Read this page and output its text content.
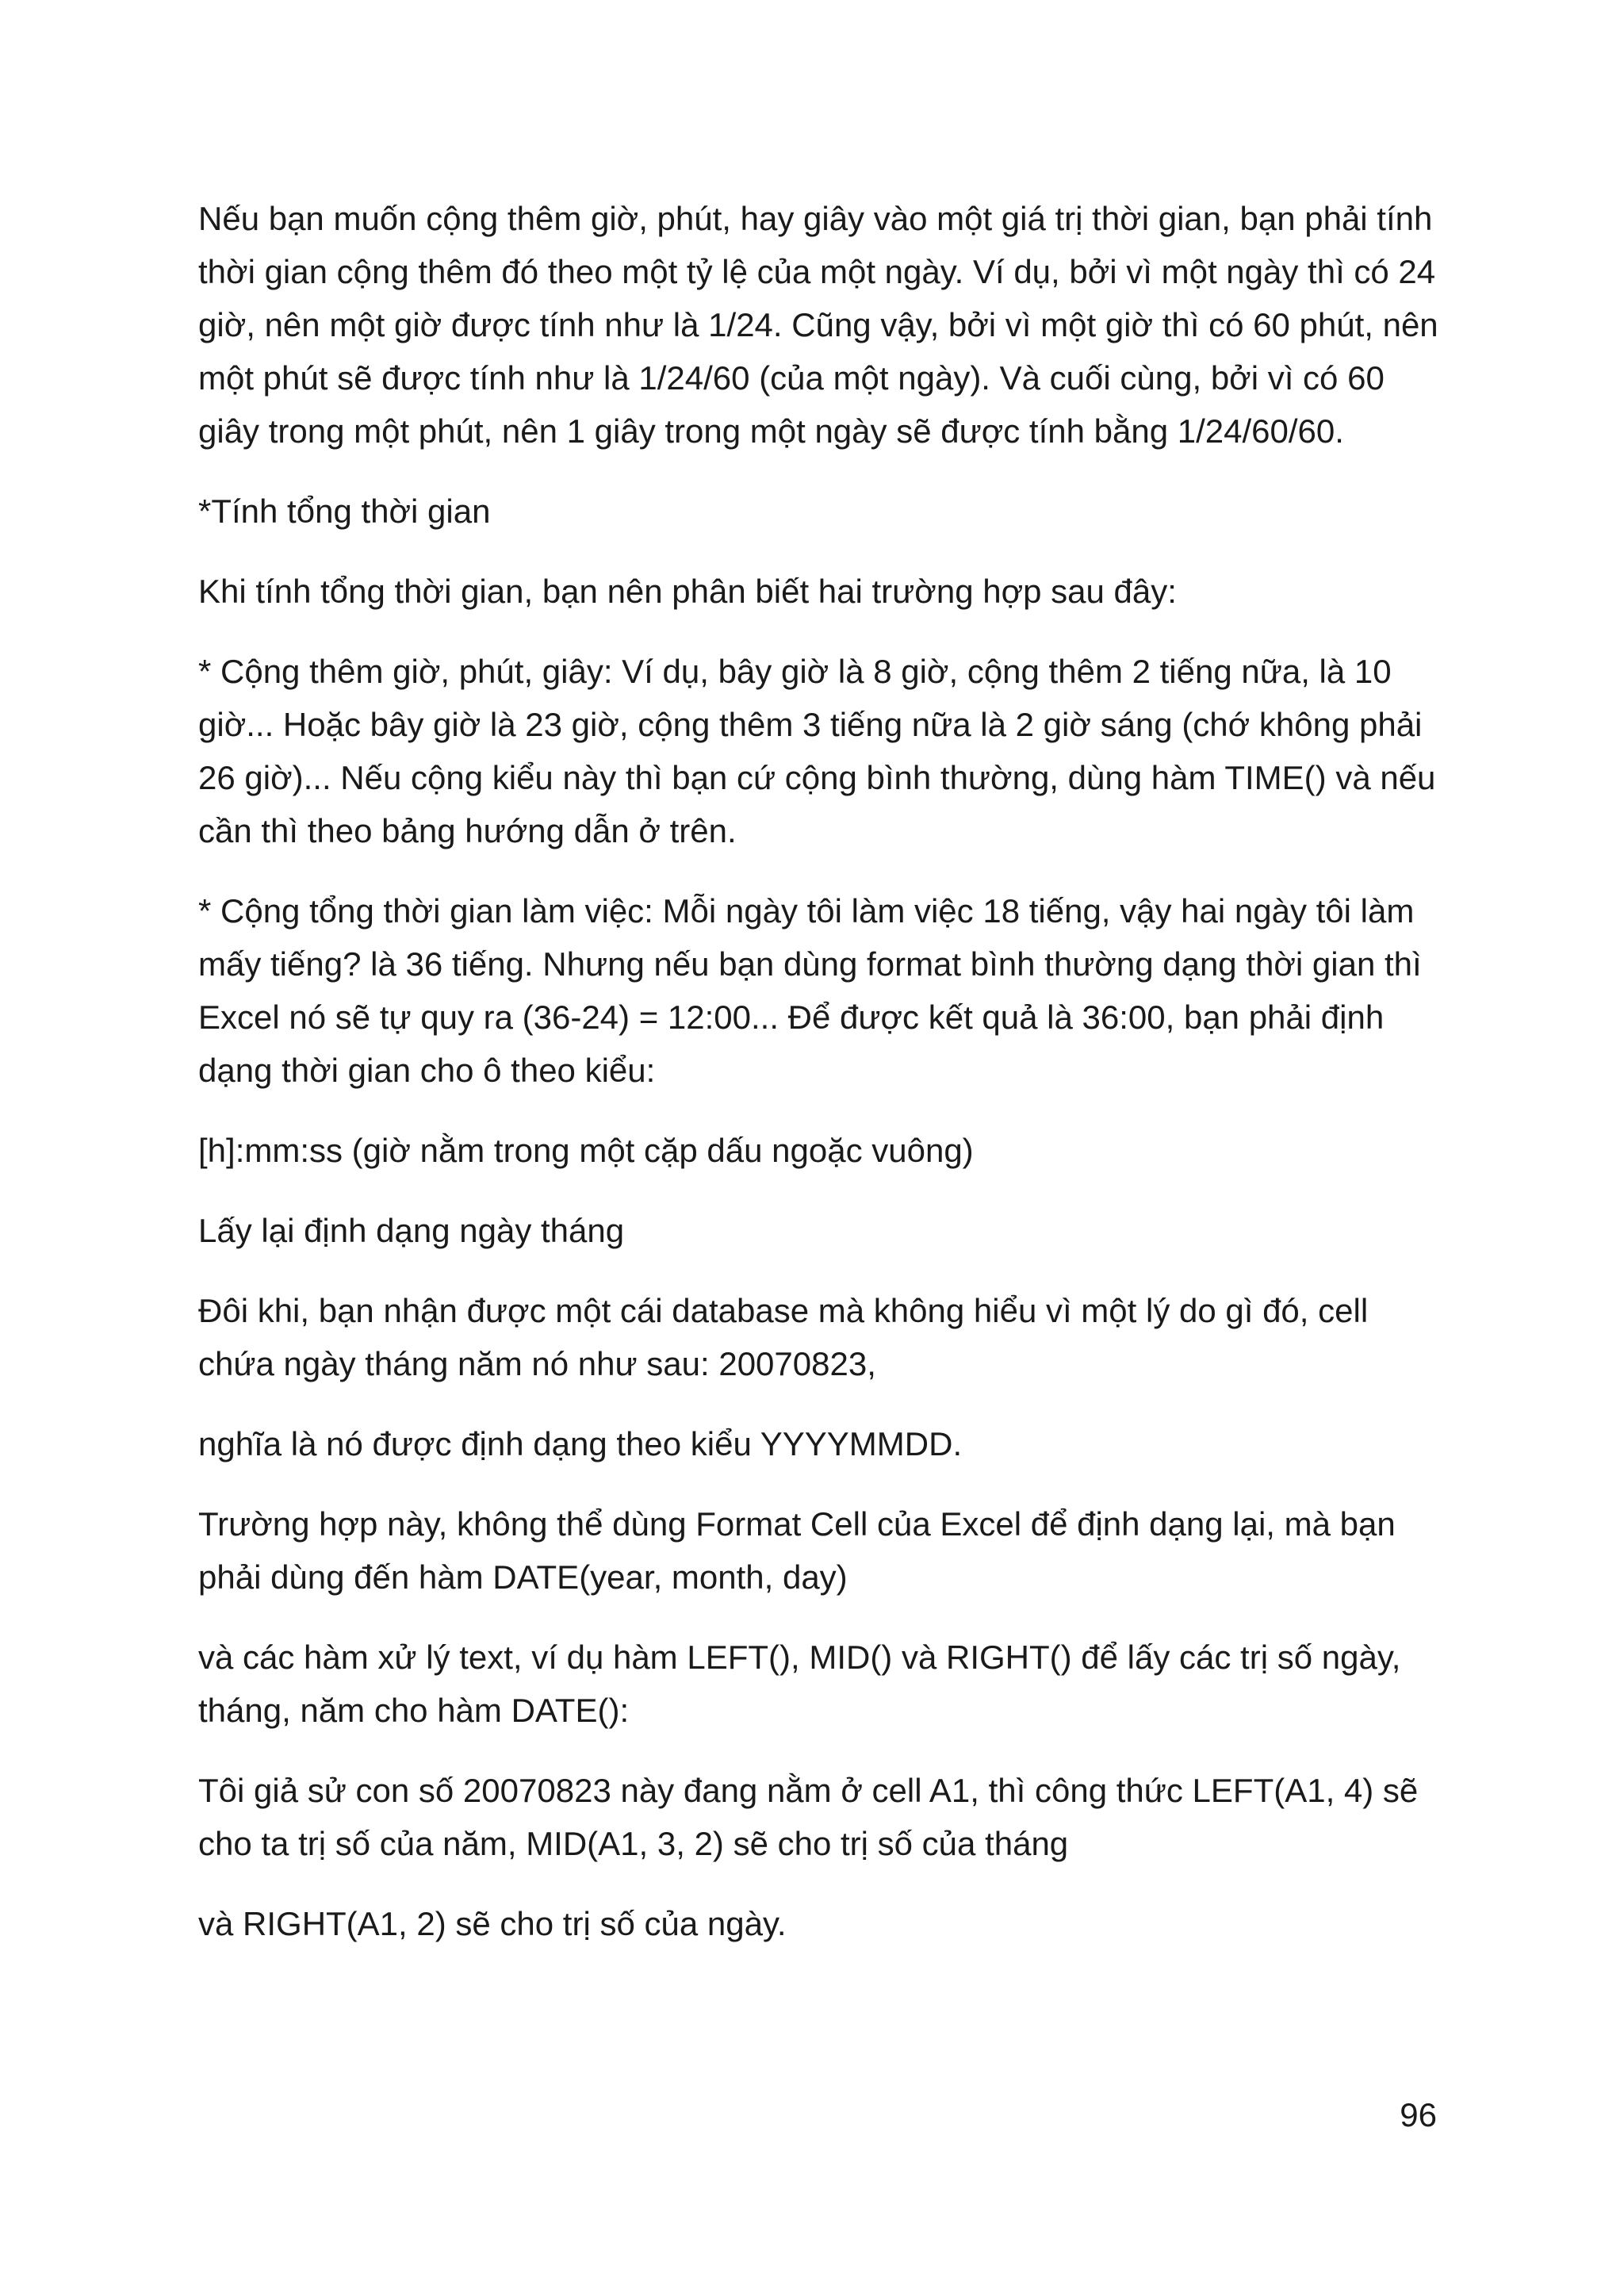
Nếu bạn muốn cộng thêm giờ, phút, hay giây vào một giá trị thời gian, bạn phải tính thời gian cộng thêm đó theo một tỷ lệ của một ngày. Ví dụ, bởi vì một ngày thì có 24 giờ, nên một giờ được tính như là 1/24. Cũng vậy, bởi vì một giờ thì có 60 phút, nên một phút sẽ được tính như là 1/24/60 (của một ngày). Và cuối cùng, bởi vì có 60 giây trong một phút, nên 1 giây trong một ngày sẽ được tính bằng 1/24/60/60.

*Tính tổng thời gian

Khi tính tổng thời gian, bạn nên phân biết hai trường hợp sau đây:

* Cộng thêm giờ, phút, giây: Ví dụ, bây giờ là 8 giờ, cộng thêm 2 tiếng nữa, là 10 giờ... Hoặc bây giờ là 23 giờ, cộng thêm 3 tiếng nữa là 2 giờ sáng (chớ không phải 26 giờ)... Nếu cộng kiểu này thì bạn cứ cộng bình thường, dùng hàm TIME() và nếu cần thì theo bảng hướng dẫn ở trên.

* Cộng tổng thời gian làm việc: Mỗi ngày tôi làm việc 18 tiếng, vậy hai ngày tôi làm mấy tiếng? là 36 tiếng. Nhưng nếu bạn dùng format bình thường dạng thời gian thì Excel nó sẽ tự quy ra (36-24) = 12:00... Để được kết quả là 36:00, bạn phải định dạng thời gian cho ô theo kiểu:

[h]:mm:ss (giờ nằm trong một cặp dấu ngoặc vuông)

Lấy lại định dạng ngày tháng

Đôi khi, bạn nhận được một cái database mà không hiểu vì một lý do gì đó, cell chứa ngày tháng năm nó như sau: 20070823,

nghĩa là nó được định dạng theo kiểu YYYYMMDD.

Trường hợp này, không thể dùng Format Cell của Excel để định dạng lại, mà bạn phải dùng đến hàm DATE(year, month, day)

và các hàm xử lý text, ví dụ hàm LEFT(), MID() và RIGHT() để lấy các trị số ngày, tháng, năm cho hàm DATE():

Tôi giả sử con số 20070823 này đang nằm ở cell A1, thì công thức LEFT(A1, 4) sẽ cho ta trị số của năm, MID(A1, 3, 2) sẽ cho trị số của tháng

và RIGHT(A1, 2) sẽ cho trị số của ngày.

96
